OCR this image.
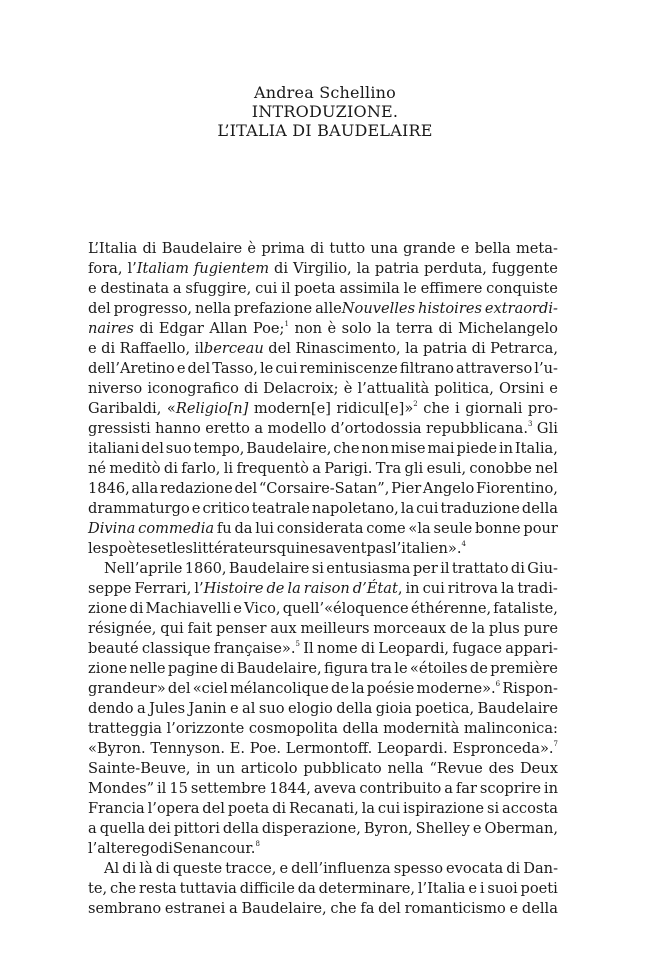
Andrea Schellino
INTRODUZIONE.
L’ITALIA DI BAUDELAIRE
L’Italia di Baudelaire è prima di tutto una grande e bella meta-
fora, l’Italiam fugientem di Virgilio, la patria perduta, fuggente
e destinata a sfuggire, cui il poeta assimila le effimere conquiste
del progresso, nella prefazione alleNouvelles histoires extraordi-
naires di Edgar Allan Poe;$^1$ non è solo la terra di Michelangelo
e di Raffaello, ilberceau del Rinascimento, la patria di Petrarca,
dell’Aretino e del Tasso, le cui reminiscenze filtrano attraverso l’u-
niverso iconografico di Delacroix; è l’attualità politica, Orsini e
Garibaldi, «Religio[n] modern[e] ridicul[e]»$^2$ che i giornali pro-
gressisti hanno eretto a modello d’ortodossia repubblicana.$^3$ Gli
italiani del suo tempo, Baudelaire, che non mise mai piede in Italia,
né meditò di farlo, li frequentò a Parigi. Tra gli esuli, conobbe nel
1846, alla redazione del “Corsaire-Satan”, Pier Angelo Fiorentino,
drammaturgo e critico teatrale napoletano, la cui traduzione della
Divina commedia fu da lui considerata come «la seule bonne pour
les poètes et les littérateurs qui ne savent pas l’italien».$^4$
Nell’aprile 1860, Baudelaire si entusiasma per il trattato di Giu-
seppe Ferrari, l’Histoire de la raison d’État, in cui ritrova la tradi-
zione di Machiavelli e Vico, quell’«éloquence éthérenne, fataliste,
résignée, qui fait penser aux meilleurs morceaux de la plus pure
beauté classique française».$^5$ Il nome di Leopardi, fugace appari-
zione nelle pagine di Baudelaire, figura tra le «étoiles de première
grandeur» del «ciel mélancolique de la poésie moderne».$^6$ Rispon-
dendo a Jules Janin e al suo elogio della gioia poetica, Baudelaire
tratteggia l’orizzonte cosmopolita della modernità malinconica:
«Byron. Tennyson. E. Poe. Lermontoff. Leopardi. Espronceda».$^7$
Sainte-Beuve, in un articolo pubblicato nella “Revue des Deux
Mondes” il 15 settembre 1844, aveva contribuito a far scoprire in
Francia l’opera del poeta di Recanati, la cui ispirazione si accosta
a quella dei pittori della disperazione, Byron, Shelley e Oberman,
l’alter ego di Senancour.$^8$
Al di là di queste tracce, e dell’influenza spesso evocata di Dan-
te, che resta tuttavia difficile da determinare, l’Italia e i suoi poeti
sembrano estranei a Baudelaire, che fa del romanticismo e della
